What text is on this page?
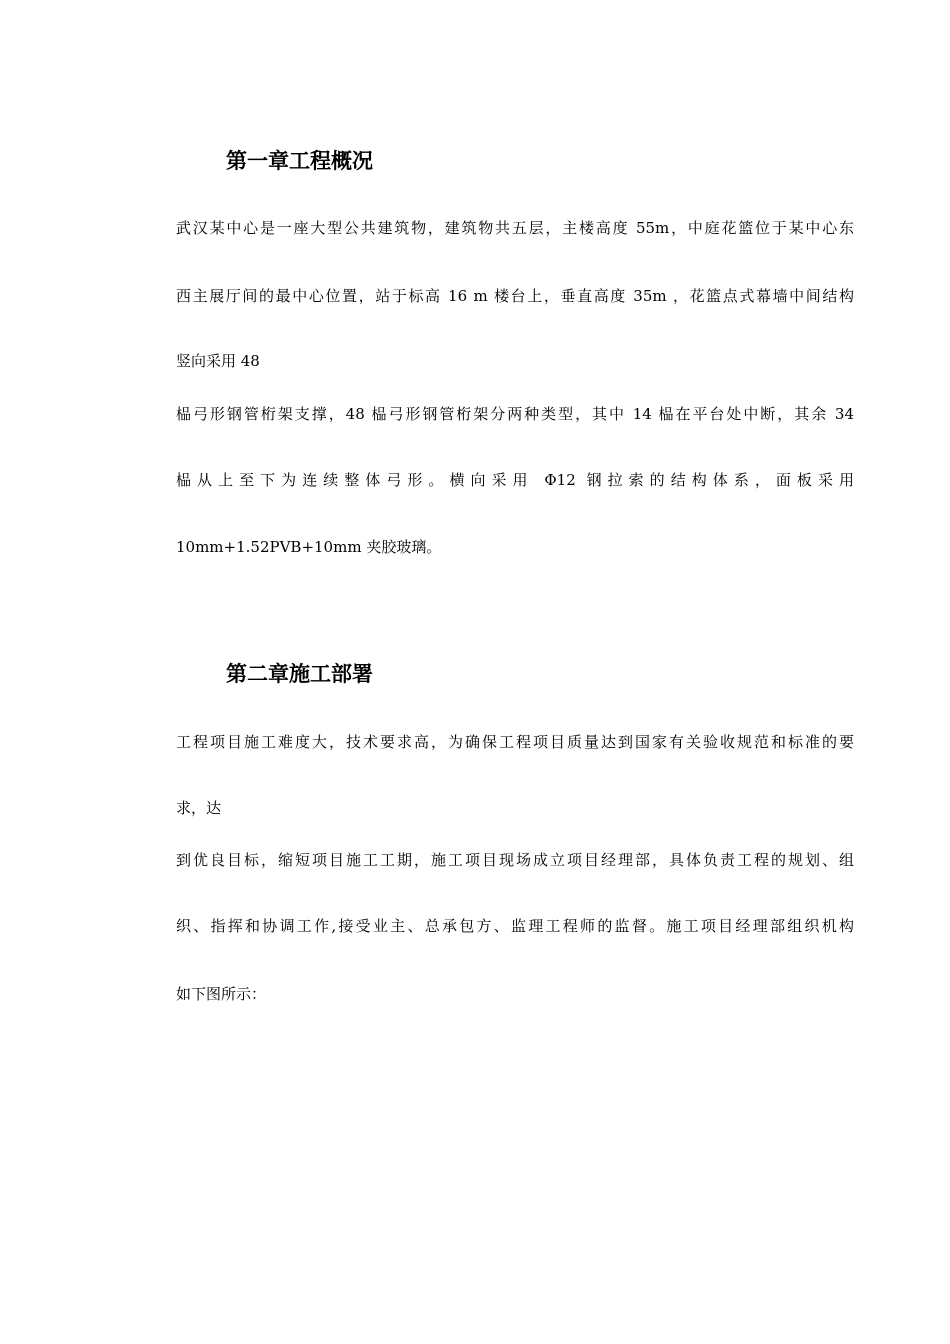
第一章工程概况

武汉某中心是一座大型公共建筑物，建筑物共五层，主楼高度 55m，中庭花篮位于某中心东

西主展厅间的最中心位置，站于标高 16 m 楼台上，垂直高度 35m ，花篮点式幕墙中间结构

竖向采用 48

榀弓形钢管桁架支撑，48 榀弓形钢管桁架分两种类型，其中 14 榀在平台处中断，其余 34

榀从上至下为连续整体弓形。横向采用 Φ12 钢拉索的结构体系，面板采用

10mm+1.52PVB+10mm 夹胶玻璃。

第二章施工部署

工程项目施工难度大，技术要求高，为确保工程项目质量达到国家有关验收规范和标准的要

求，达

到优良目标，缩短项目施工工期，施工项目现场成立项目经理部，具体负责工程的规划、组

织、指挥和协调工作,接受业主、总承包方、监理工程师的监督。施工项目经理部组织机构

如下图所示：
